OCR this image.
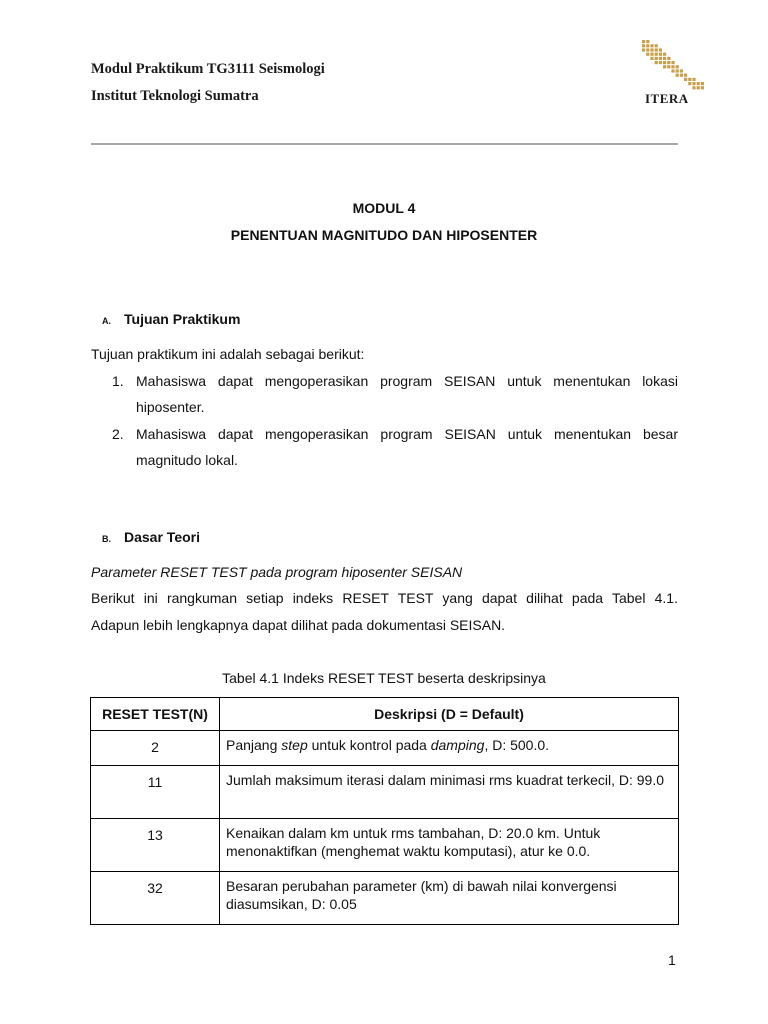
Modul Praktikum TG3111 Seismologi
Institut Teknologi Sumatra	ITERA
MODUL 4
PENENTUAN MAGNITUDO DAN HIPOSENTER
A. Tujuan Praktikum
Tujuan praktikum ini adalah sebagai berikut:
1. Mahasiswa dapat mengoperasikan program SEISAN untuk menentukan lokasi hiposenter.
2. Mahasiswa dapat mengoperasikan program SEISAN untuk menentukan besar magnitudo lokal.
B. Dasar Teori
Parameter RESET TEST pada program hiposenter SEISAN
Berikut ini rangkuman setiap indeks RESET TEST yang dapat dilihat pada Tabel 4.1.
Adapun lebih lengkapnya dapat dilihat pada dokumentasi SEISAN.
Tabel 4.1 Indeks RESET TEST beserta deskripsinya
RESET TEST(N)	Deskripsi (D = Default)
2	Panjang step untuk kontrol pada damping, D: 500.0.
11	Jumlah maksimum iterasi dalam minimasi rms kuadrat terkecil, D: 99.0
13	Kenaikan dalam km untuk rms tambahan, D: 20.0 km. Untuk menonaktifkan (menghemat waktu komputasi), atur ke 0.0.
32	Besaran perubahan parameter (km) di bawah nilai konvergensi diasumsikan, D: 0.05
1
